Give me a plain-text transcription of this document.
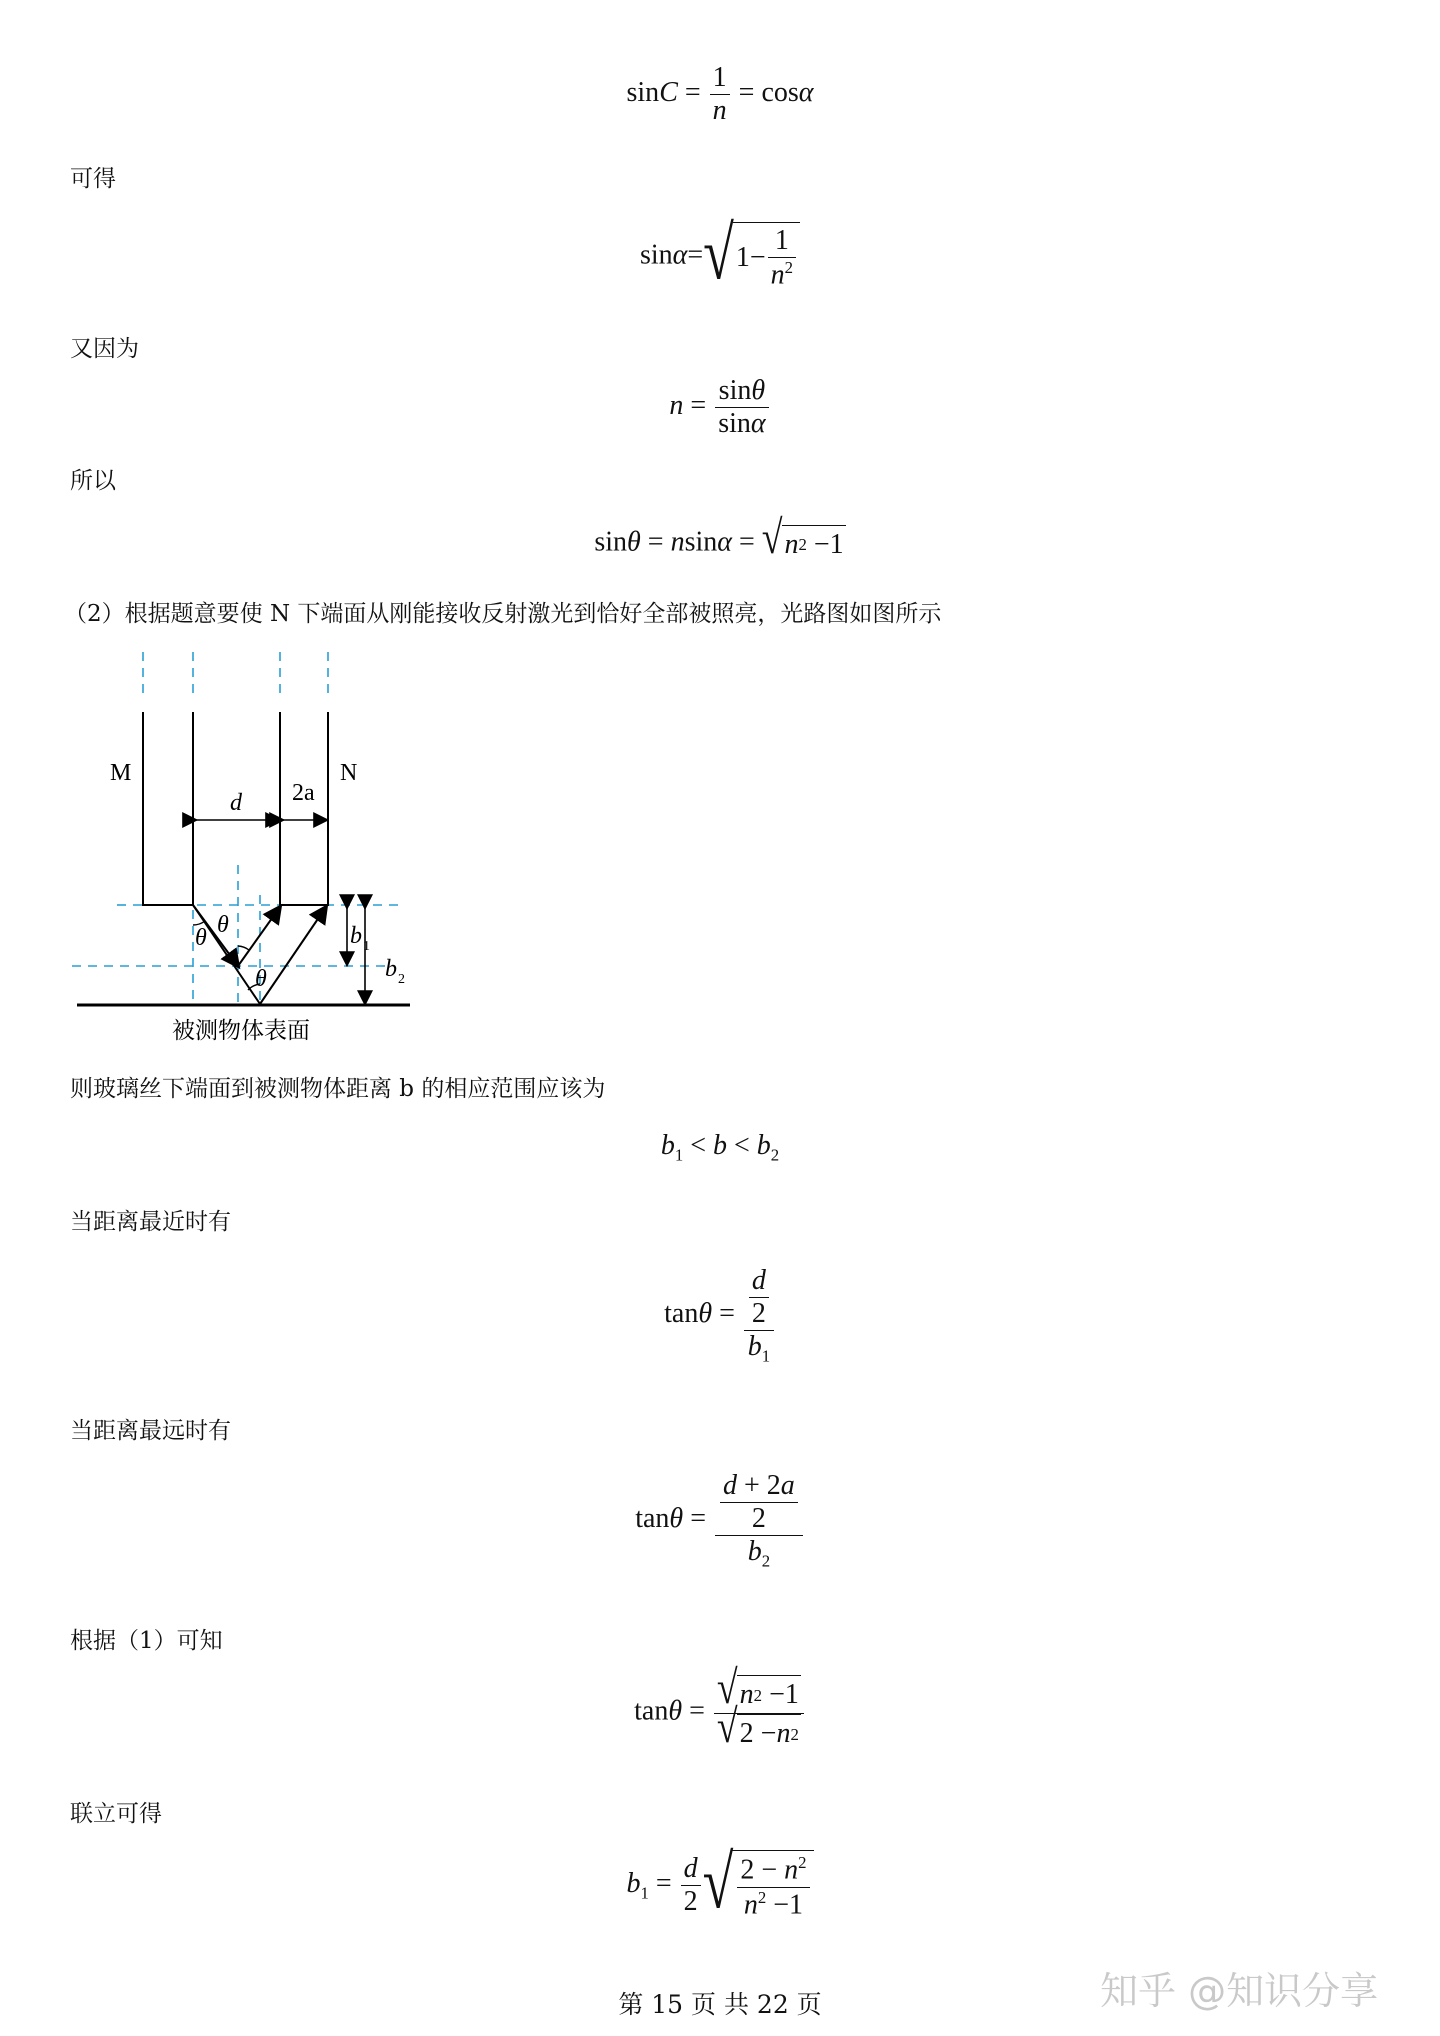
$\sin C = \frac{1}{n} = \cos\alpha$
可得
sinα= √ 1−
1
$n^2$
又因为
$n = \frac{\sin\theta}{\sin\alpha}$
所以
sinθ = nsinα = √ n 2 −1
（2）根据题意要使 N 下端面从刚能接收反射激光到恰好全部被照亮，光路图如图所示
M	N
d 2a
θ θ
θ
b 1
b 2
被测物体表面
则玻璃丝下端面到被测物体距离 b 的相应范围应该为
$b_1 < b < b_2$
当距离最近时有
$\tan\theta = \frac{\frac{d}{2}}{b_1}$
当距离最远时有
$\tan\theta = \frac{\frac{d + 2a}{2}}{b_2}$
根据（1）可知
$\tan\theta = \frac{√ n 2 -1}{√ 2 - n 2}$
联立可得
$b_1 = \frac{d}{2}$ √ $2 - n^2$
$n^2 -1$
第 15 页 共 22 页	知乎 @知识分享
